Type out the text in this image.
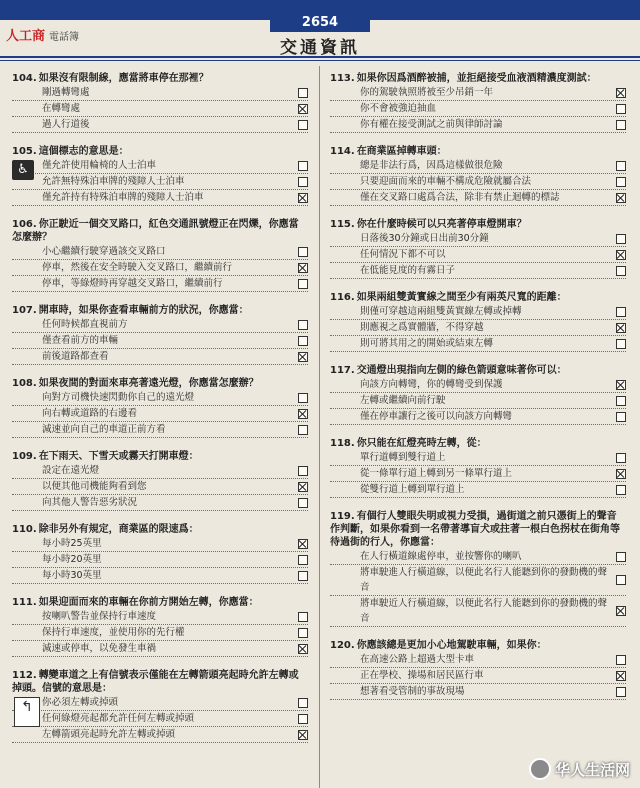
人工商 電話簿
2654
交通資訊
104. 如果沒有限制線，應當將車停在那裡？
剛過轉彎處
在轉彎處
過人行道後
105. 這個標志的意思是：
♿	僅允許使用輪椅的人士泊車
允許無特殊泊車牌的殘障人士泊車
僅允許持有特殊泊車牌的殘障人士泊車
106. 你正駛近一個交叉路口，紅色交通訊號燈正在閃爍，你應當怎麼辦？
小心繼續行駛穿過該交叉路口
停車，然後在安全時駛入交叉路口，繼續前行
停車，等綠燈時再穿越交叉路口，繼續前行
107. 開車時，如果你查看車輛前方的狀況，你應當：
任何時候都直視前方
僅查看前方的車輛
前後道路都查看
108. 如果夜間的對面來車亮著遠光燈，你應當怎麼辦？
向對方司機快速閃動你自己的遠光燈
向右轉或道路的右邊看
減速並向自己的車道正前方看
109. 在下雨天、下雪天或霧天打開車燈：
設定在遠光燈
以便其他司機能夠看到您
向其他人警告惡劣狀況
110. 除非另外有規定，商業區的限速爲：
每小時25英里
每小時20英里
每小時30英里
111. 如果迎面而來的車輛在你前方開始左轉，你應當：
按喇叭警告並保持行車速度
保持行車速度，並使用你的先行權
減速或停車，以免發生車禍
112. 轉變車道之上有信號表示僅能在左轉箭頭亮起時允許左轉或掉頭。信號的意思是：
↰ 你必須左轉或掉頭
任何綠燈亮起都允許任何左轉或掉頭
左轉箭頭亮起時允許左轉或掉頭
113. 如果你因爲酒醉被捕，並拒絕接受血液酒精濃度測試：
你的駕駛執照將被至少吊銷一年
你不會被強迫抽血
你有權在接受測試之前與律師討論
114. 在商業區掉轉車頭：
總是非法行爲，因爲這樣做很危險
只要迎面而來的車輛不構成危險就屬合法
僅在交叉路口處爲合法，除非有禁止迴轉的標誌
115. 你在什麼時候可以只亮著停車燈開車？
日落後30分鐘或日出前30分鐘
任何情況下都不可以
在低能見度的有霧日子
116. 如果兩組雙黃實線之間至少有兩英尺寬的距離：
則僅可穿越這兩組雙黃實線左轉或掉轉
則應視之爲實體牆，不得穿越
則可將其用之的開始或結束左轉
117. 交通燈出現指向左側的綠色箭頭意味著你可以：
向該方向轉彎，你的轉彎受到保護
左轉或繼續向前行駛
僅在停車讓行之後可以向該方向轉彎
118. 你只能在紅燈亮時左轉，從：
單行道轉到雙行道上
從一條單行道上轉到另一條單行道上
從雙行道上轉到單行道上
119. 有個行人雙眼失明或視力受損，過街道之前只憑街上的聲音作判斷，如果你看到一名帶著導盲犬或拄著一根白色拐杖在街角等待過街的行人，你應當：
在人行橫道線處停車，並按響你的喇叭
將車駛進人行橫道線，以便此名行人能聽到你的發動機的聲音
將車駛近人行橫道線，以便此名行人能聽到你的發動機的聲音
120. 你應該總是更加小心地駕駛車輛，如果你：
在高速公路上超過大型卡車
正在學校、操場和居民區行車
想著看受管制的事故現場
华人生活网
